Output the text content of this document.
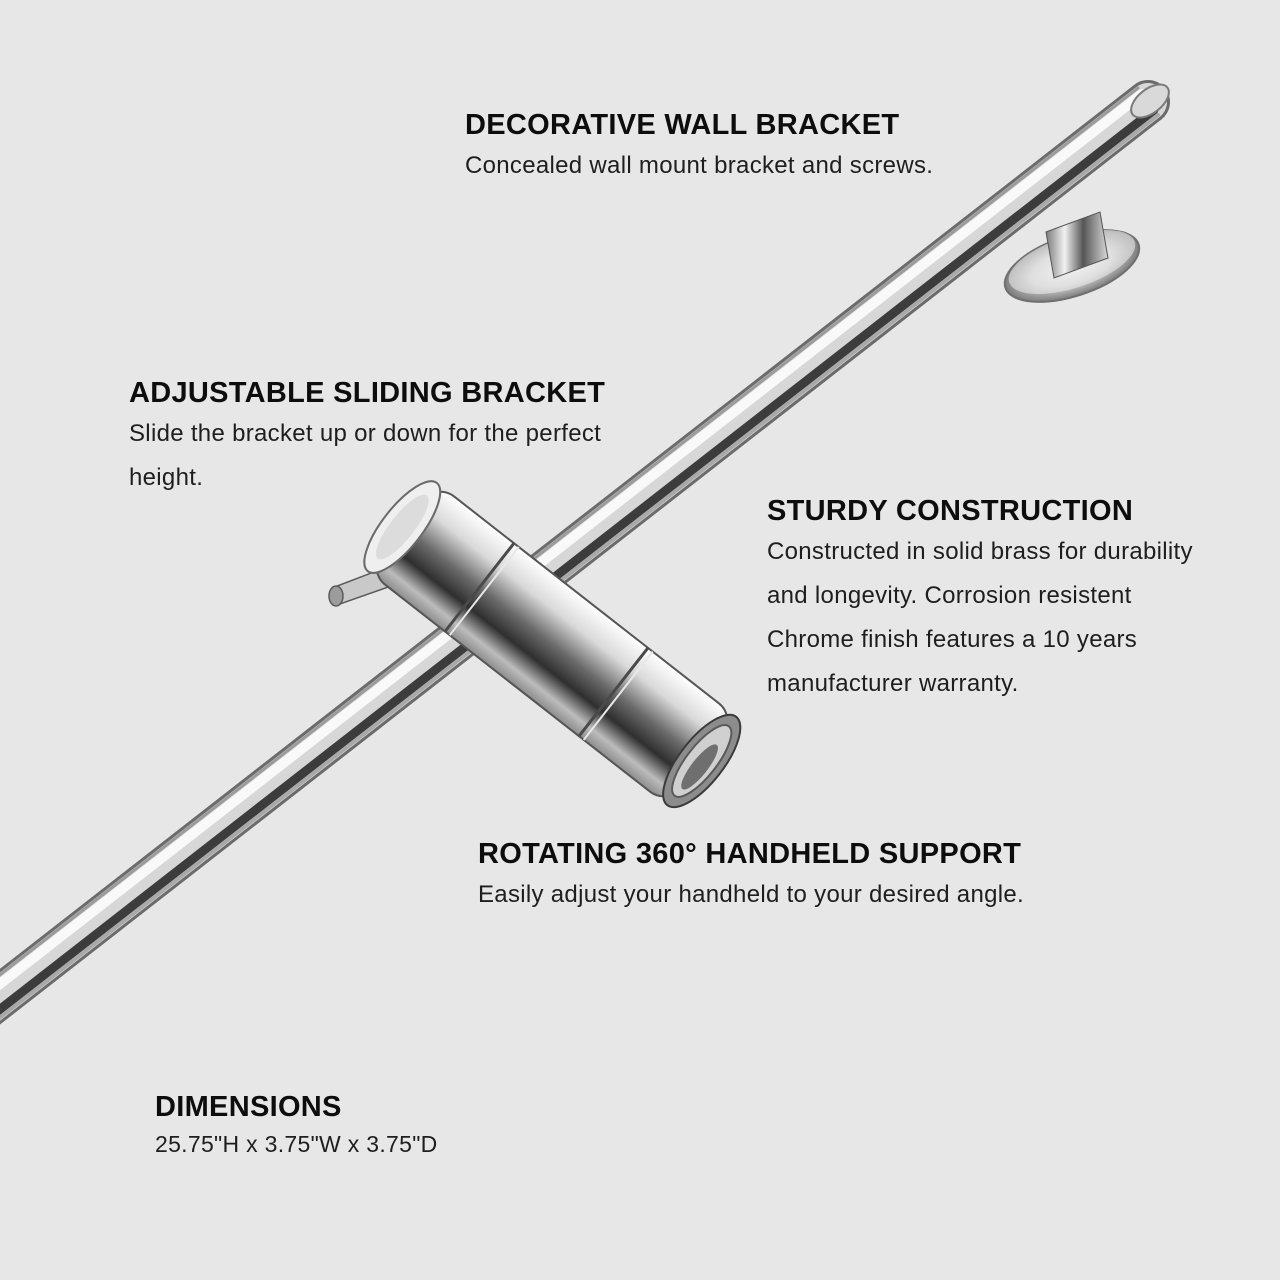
DECORATIVE WALL BRACKET

Concealed wall mount bracket and screws.

ADJUSTABLE SLIDING BRACKET

Slide the bracket up or down for the perfect height.

STURDY CONSTRUCTION

Constructed in solid brass for durability and longevity. Corrosion resistent Chrome finish features a 10 years manufacturer warranty.

ROTATING 360° HANDHELD SUPPORT

Easily adjust your handheld to your desired angle.

DIMENSIONS

25.75"H x 3.75"W x 3.75"D
